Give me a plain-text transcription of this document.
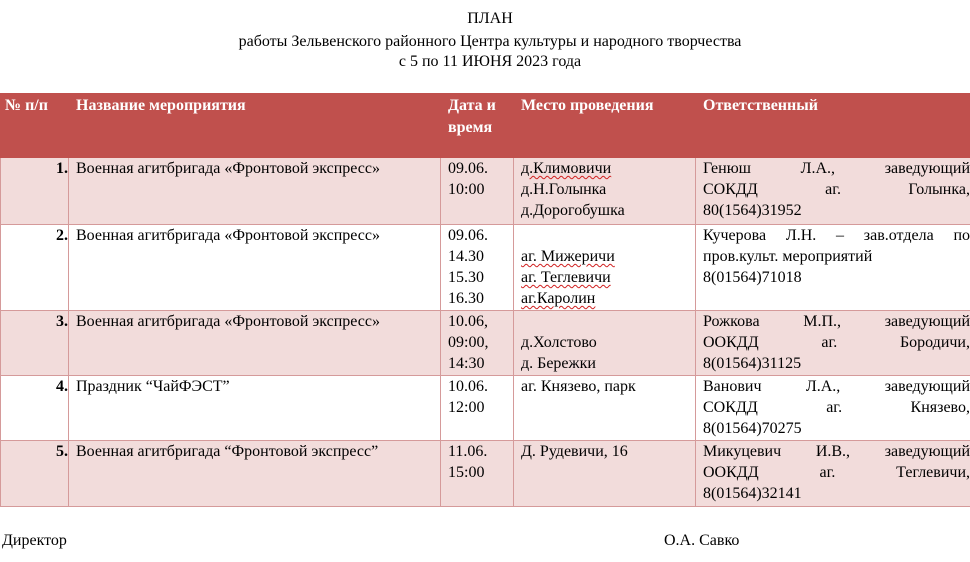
ПЛАН
работы Зельвенского районного Центра культуры и народного творчества
с 5 по 11 ИЮНЯ 2023 года
№ п/п	Название мероприятия	Дата и время	Место проведения	Ответственный
1.	Военная агитбригада «Фронтовой экспресс»	09.06.
10:00	д.Климовичи
д.Н.Голынка
д.Дорогобушка	Генюш Л.А., заведующий
СОКДД аг. Голынка,
80(1564)31952

2.	Военная агитбригада «Фронтовой экспресс»	09.06.
14.30
15.30
16.30	аг. Мижеричи
аг. Теглевичи
аг.Каролин	Кучерова Л.Н. – зав.отдела по
пров.культ. мероприятий
8(01564)71018

3.	Военная агитбригада «Фронтовой экспресс»	10.06,
09:00,
14:30	д.Холстово
д. Бережки	Рожкова М.П., заведующий
ООКДД аг. Бородичи,
8(01564)31125

4.	Праздник “ЧайФЭСТ”	10.06.
12:00	аг. Князево, парк	Ванович Л.А., заведующий
СОКДД аг. Князево,
8(01564)70275

5.	Военная агитбригада “Фронтовой экспресс”	11.06.
15:00	Д. Рудевичи, 16	Микуцевич И.В., заведующий
ООКДД аг. Теглевичи,
8(01564)32141
Директор	О.А. Савко
